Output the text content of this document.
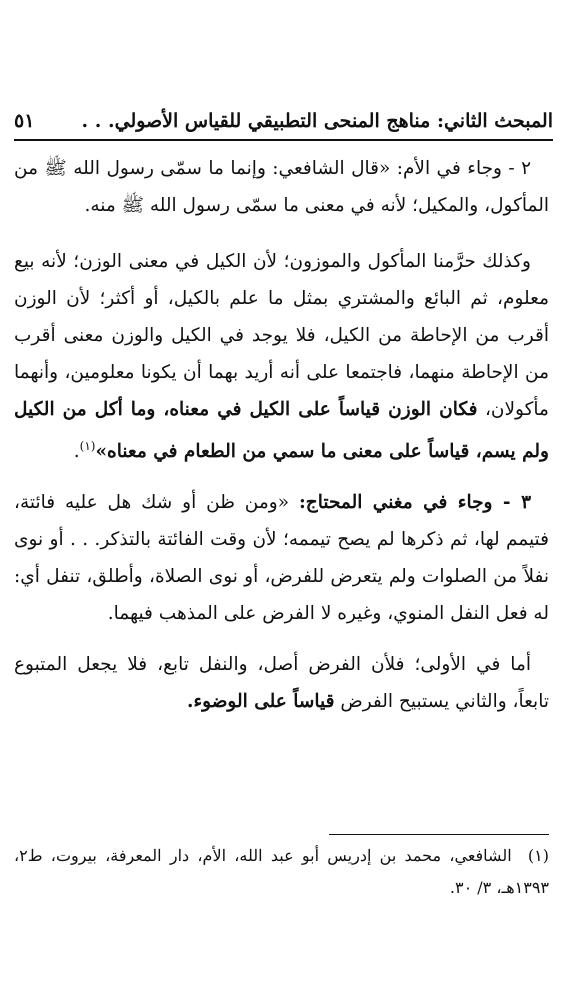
المبحث الثاني: مناهج المنحى التطبيقي للقياس الأصولي. . .
٥١

٢ - وجاء في الأم: «قال الشافعي: وإنما ما سمّى رسول الله ﷺ من المأكول، والمكيل؛ لأنه في معنى ما سمّى رسول الله ﷺ منه.

وكذلك حرَّمنا المأكول والموزون؛ لأن الكيل في معنى الوزن؛ لأنه بيع معلوم، ثم البائع والمشتري بمثل ما علم بالكيل، أو أكثر؛ لأن الوزن أقرب من الإحاطة من الكيل، فلا يوجد في الكيل والوزن معنى أقرب من الإحاطة منهما، فاجتمعا على أنه أريد بهما أن يكونا معلومين، وأنهما مأكولان، فكان الوزن قياساً على الكيل في معناه، وما أكل من الكيل ولم يسم، قياساً على معنى ما سمي من الطعام في معناه»$^{(١)}$.

٣ - وجاء في مغني المحتاج: «ومن ظن أو شك هل عليه فائتة، فتيمم لها، ثم ذكرها لم يصح تيممه؛ لأن وقت الفائتة بالتذكر. . . أو نوى نفلاً من الصلوات ولم يتعرض للفرض، أو نوى الصلاة، وأطلق، تنفل أي: له فعل النفل المنوي، وغيره لا الفرض على المذهب فيهما.

أما في الأولى؛ فلأن الفرض أصل، والنفل تابع، فلا يجعل المتبوع تابعاً، والثاني يستبيح الفرض قياساً على الوضوء.

(١) الشافعي، محمد بن إدريس أبو عبد الله، الأم، دار المعرفة، بيروت، ط٢، ١٣٩٣هـ، ٣/ ٣٠.
